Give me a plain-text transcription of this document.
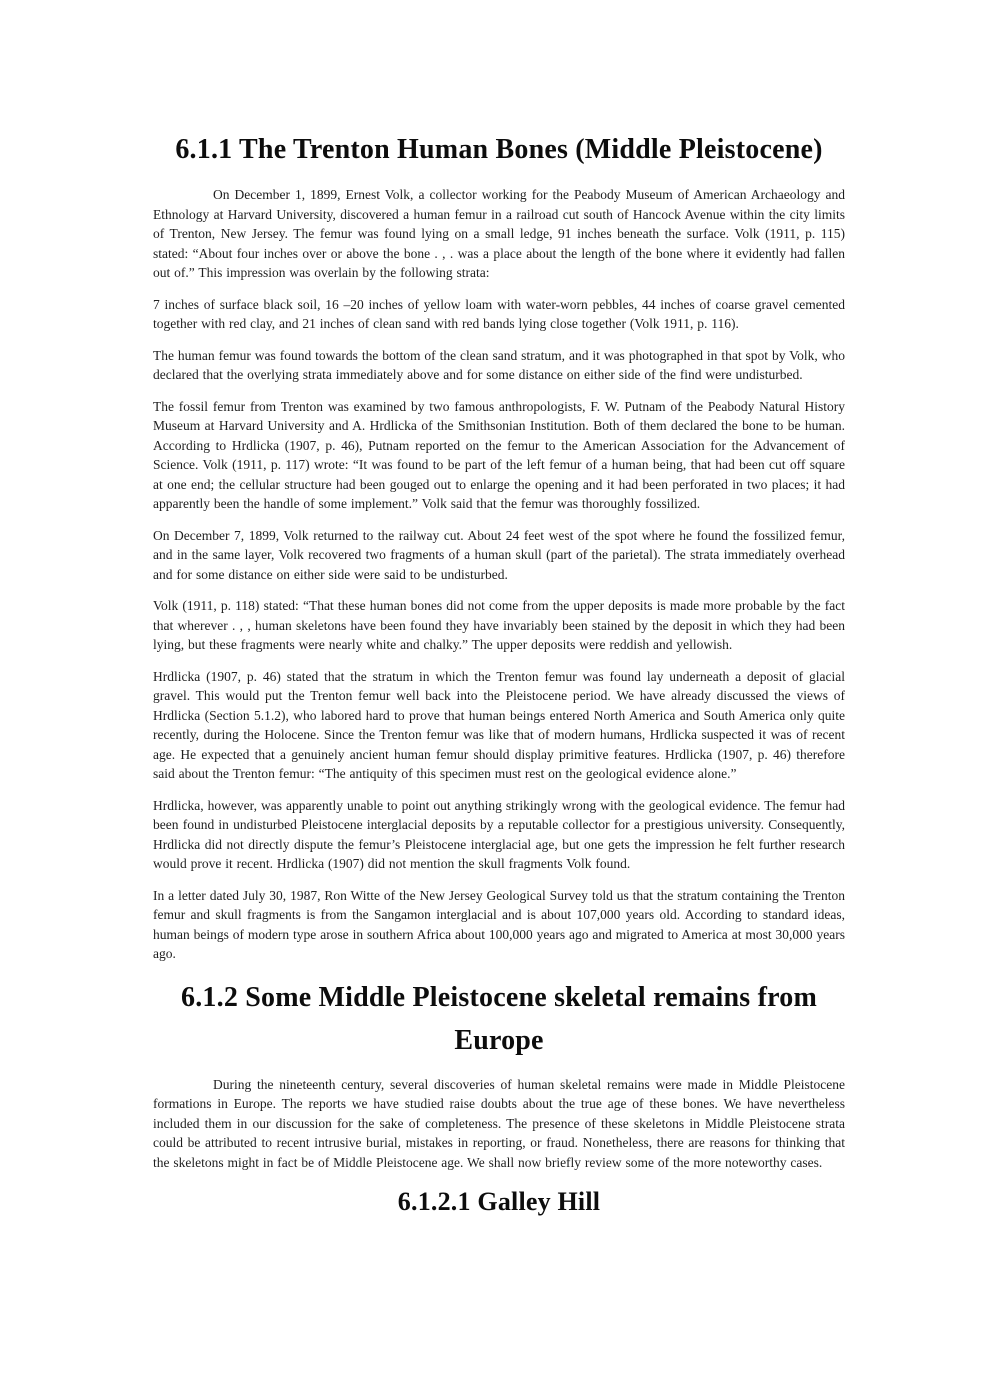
6.1.1 The Trenton Human Bones (Middle Pleistocene)

On December 1, 1899, Ernest Volk, a collector working for the Peabody Museum of American Archaeology and Ethnology at Harvard University, discovered a human femur in a railroad cut south of Hancock Avenue within the city limits of Trenton, New Jersey. The femur was found lying on a small ledge, 91 inches beneath the surface. Volk (1911, p. 115) stated: “About four inches over or above the bone . , . was a place about the length of the bone where it evidently had fallen out of.” This impression was overlain by the following strata:

7 inches of surface black soil, 16 –20 inches of yellow loam with water-worn pebbles, 44 inches of coarse gravel cemented together with red clay, and 21 inches of clean sand with red bands lying close together (Volk 1911, p. 116).

The human femur was found towards the bottom of the clean sand stratum, and it was photographed in that spot by Volk, who declared that the overlying strata immediately above and for some distance on either side of the find were undisturbed.

The fossil femur from Trenton was examined by two famous anthropologists, F. W. Putnam of the Peabody Natural History Museum at Harvard University and A. Hrdlicka of the Smithsonian Institution. Both of them declared the bone to be human. According to Hrdlicka (1907, p. 46), Putnam reported on the femur to the American Association for the Advancement of Science. Volk (1911, p. 117) wrote: “It was found to be part of the left femur of a human being, that had been cut off square at one end; the cellular structure had been gouged out to enlarge the opening and it had been perforated in two places; it had apparently been the handle of some implement.” Volk said that the femur was thoroughly fossilized.

On December 7, 1899, Volk returned to the railway cut. About 24 feet west of the spot where he found the fossilized femur, and in the same layer, Volk recovered two fragments of a human skull (part of the parietal). The strata immediately overhead and for some distance on either side were said to be undisturbed.

Volk (1911, p. 118) stated: “That these human bones did not come from the upper deposits is made more probable by the fact that wherever . , , human skeletons have been found they have invariably been stained by the deposit in which they had been lying, but these fragments were nearly white and chalky.” The upper deposits were reddish and yellowish.

Hrdlicka (1907, p. 46) stated that the stratum in which the Trenton femur was found lay underneath a deposit of glacial gravel. This would put the Trenton femur well back into the Pleistocene period. We have already discussed the views of Hrdlicka (Section 5.1.2), who labored hard to prove that human beings entered North America and South America only quite recently, during the Holocene. Since the Trenton femur was like that of modern humans, Hrdlicka suspected it was of recent age. He expected that a genuinely ancient human femur should display primitive features. Hrdlicka (1907, p. 46) therefore said about the Trenton femur: “The antiquity of this specimen must rest on the geological evidence alone.”

Hrdlicka, however, was apparently unable to point out anything strikingly wrong with the geological evidence. The femur had been found in undisturbed Pleistocene interglacial deposits by a reputable collector for a prestigious university. Consequently, Hrdlicka did not directly dispute the femur’s Pleistocene interglacial age, but one gets the impression he felt further research would prove it recent. Hrdlicka (1907) did not mention the skull fragments Volk found.

In a letter dated July 30, 1987, Ron Witte of the New Jersey Geological Survey told us that the stratum containing the Trenton femur and skull fragments is from the Sangamon interglacial and is about 107,000 years old. According to standard ideas, human beings of modern type arose in southern Africa about 100,000 years ago and migrated to America at most 30,000 years ago.

6.1.2 Some Middle Pleistocene skeletal remains from Europe

During the nineteenth century, several discoveries of human skeletal remains were made in Middle Pleistocene formations in Europe. The reports we have studied raise doubts about the true age of these bones. We have nevertheless included them in our discussion for the sake of completeness. The presence of these skeletons in Middle Pleistocene strata could be attributed to recent intrusive burial, mistakes in reporting, or fraud. Nonetheless, there are reasons for thinking that the skeletons might in fact be of Middle Pleistocene age. We shall now briefly review some of the more noteworthy cases.

6.1.2.1 Galley Hill
